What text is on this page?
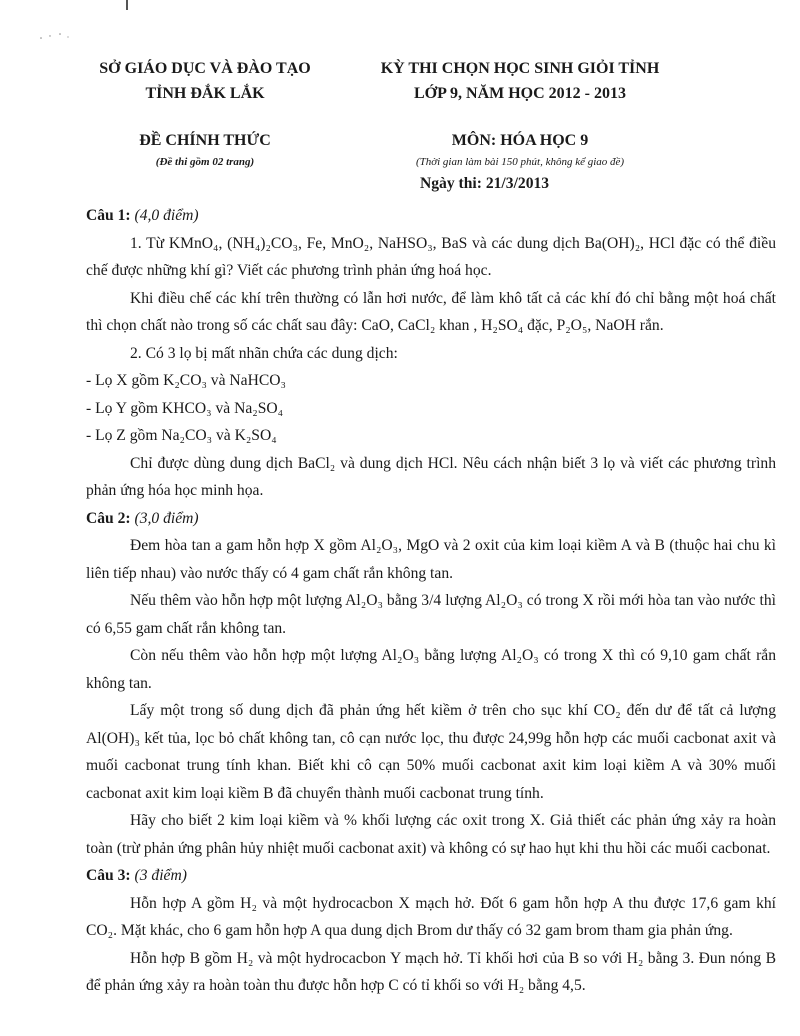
SỞ GIÁO DỤC VÀ ĐÀO TẠO
TỈNH ĐẮK LẮK
KỲ THI CHỌN HỌC SINH GIỎI TỈNH
LỚP 9, NĂM HỌC 2012 - 2013
ĐỀ CHÍNH THỨC
(Đề thi gồm 02 trang)
MÔN: HÓA HỌC 9
(Thời gian làm bài 150 phút, không kể giao đề)
Ngày thi: 21/3/2013

Câu 1: (4,0 điểm)

1. Từ KMnO₄, (NH₄)₂CO₃, Fe, MnO₂, NaHSO₃, BaS và các dung dịch Ba(OH)₂, HCl đặc có thể điều chế được những khí gì? Viết các phương trình phản ứng hoá học.

Khi điều chế các khí trên thường có lẫn hơi nước, để làm khô tất cả các khí đó chỉ bằng một hoá chất thì chọn chất nào trong số các chất sau đây: CaO, CaCl₂ khan , H₂SO₄ đặc, P₂O₅, NaOH rắn.

2. Có 3 lọ bị mất nhãn chứa các dung dịch:

- Lọ X gồm K₂CO₃ và NaHCO₃
- Lọ Y gồm KHCO₃ và Na₂SO₄
- Lọ Z gồm Na₂CO₃ và K₂SO₄

Chỉ được dùng dung dịch BaCl₂ và dung dịch HCl. Nêu cách nhận biết 3 lọ và viết các phương trình phản ứng hóa học minh họa.

Câu 2: (3,0 điểm)

Đem hòa tan a gam hỗn hợp X gồm Al₂O₃, MgO và 2 oxit của kim loại kiềm A và B (thuộc hai chu kì liên tiếp nhau) vào nước thấy có 4 gam chất rắn không tan.

Nếu thêm vào hỗn hợp một lượng Al₂O₃ bằng 3/4 lượng Al₂O₃ có trong X rồi mới hòa tan vào nước thì có 6,55 gam chất rắn không tan.

Còn nếu thêm vào hỗn hợp một lượng Al₂O₃ bằng lượng Al₂O₃ có trong X thì có 9,10 gam chất rắn không tan.

Lấy một trong số dung dịch đã phản ứng hết kiềm ở trên cho sục khí CO₂ đến dư để tất cả lượng Al(OH)₃ kết tủa, lọc bỏ chất không tan, cô cạn nước lọc, thu được 24,99g hỗn hợp các muối cacbonat axit và muối cacbonat trung tính khan. Biết khi cô cạn 50% muối cacbonat axit kim loại kiềm A và 30% muối cacbonat axit kim loại kiềm B đã chuyển thành muối cacbonat trung tính.

Hãy cho biết 2 kim loại kiềm và % khối lượng các oxit trong X. Giả thiết các phản ứng xảy ra hoàn toàn (trừ phản ứng phân hủy nhiệt muối cacbonat axit) và không có sự hao hụt khi thu hồi các muối cacbonat.

Câu 3: (3 điểm)

Hỗn hợp A gồm H₂ và một hydrocacbon X mạch hở. Đốt 6 gam hỗn hợp A thu được 17,6 gam khí CO₂. Mặt khác, cho 6 gam hỗn hợp A qua dung dịch Brom dư thấy có 32 gam brom tham gia phản ứng.

Hỗn hợp B gồm H₂ và một hydrocacbon Y mạch hở. Tỉ khối hơi của B so với H₂ bằng 3. Đun nóng B để phản ứng xảy ra hoàn toàn thu được hỗn hợp C có tỉ khối so với H₂ bằng 4,5.
